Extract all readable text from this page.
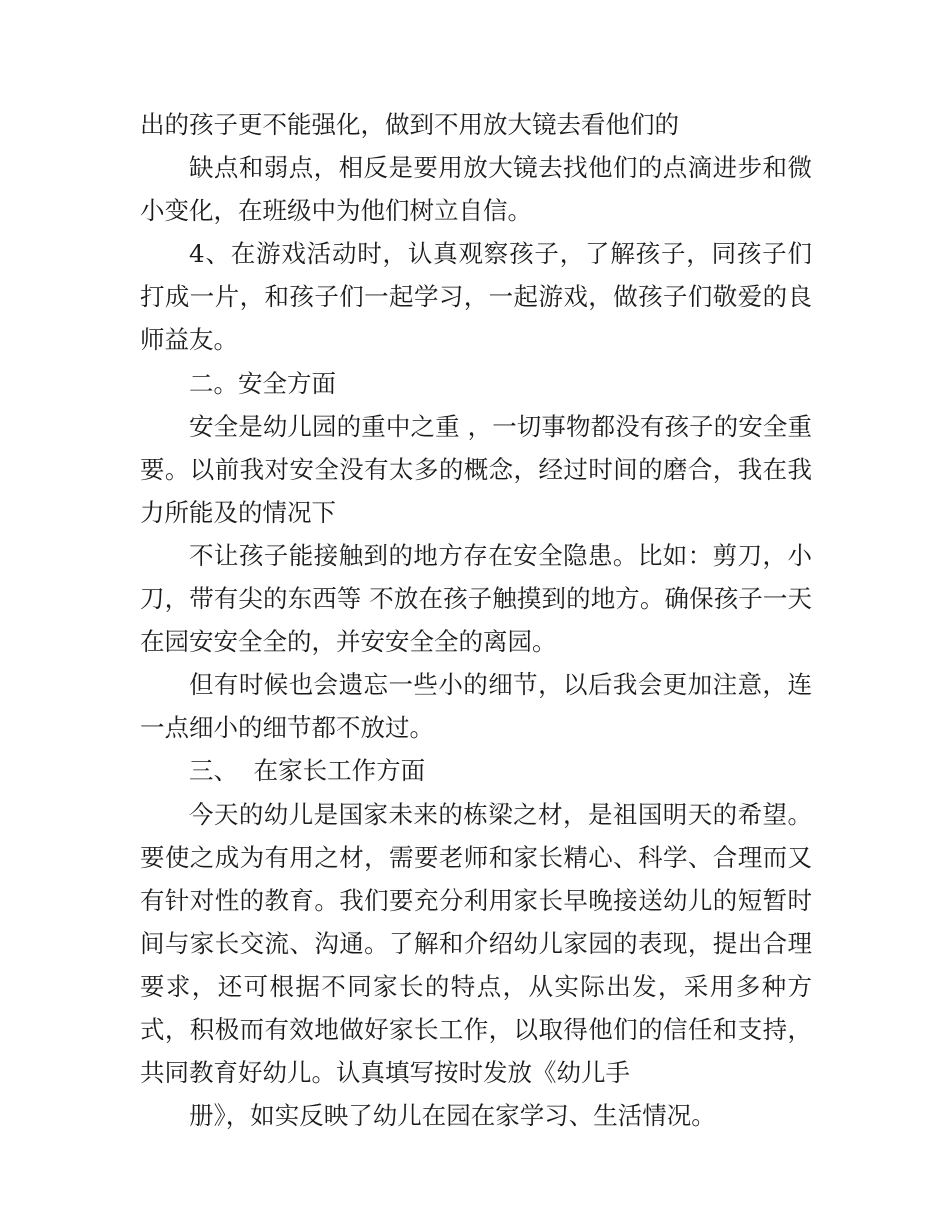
出的孩子更不能强化，做到不用放大镜去看他们的

缺点和弱点，相反是要用放大镜去找他们的点滴进步和微小变化，在班级中为他们树立自信。

4、在游戏活动时，认真观察孩子，了解孩子，同孩子们打成一片，和孩子们一起学习，一起游戏，做孩子们敬爱的良师益友。

二。安全方面

安全是幼儿园的重中之重 ，一切事物都没有孩子的安全重要。以前我对安全没有太多的概念，经过时间的磨合，我在我力所能及的情况下

不让孩子能接触到的地方存在安全隐患。比如：剪刀，小刀，带有尖的东西等 不放在孩子触摸到的地方。确保孩子一天在园安安全全的，并安安全全的离园。

但有时候也会遗忘一些小的细节，以后我会更加注意，连一点细小的细节都不放过。

三、  在家长工作方面

今天的幼儿是国家未来的栋梁之材，是祖国明天的希望。要使之成为有用之材，需要老师和家长精心、科学、合理而又有针对性的教育。我们要充分利用家长早晚接送幼儿的短暂时间与家长交流、沟通。了解和介绍幼儿家园的表现，提出合理要求，还可根据不同家长的特点，从实际出发，采用多种方式，积极而有效地做好家长工作，以取得他们的信任和支持，共同教育好幼儿。认真填写按时发放《幼儿手

册》，如实反映了幼儿在园在家学习、生活情况。
